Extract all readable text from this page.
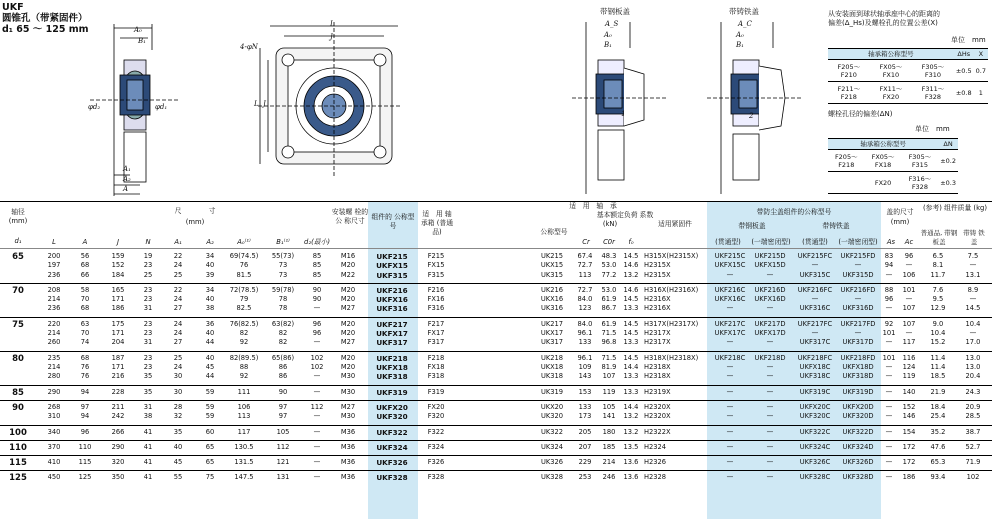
UKF
圆锥孔（带紧固件）
d₁ 65 ～ 125 mm	A₀
B₁
φd₂	φd₁
A₁
A₂
A
4-φN
L
J
L J
带钢板盖
A_S
A₀
B₁
1
带铸铁盖
A_C
A₀
B₁
2
从安装面到球状轴承座中心的距离的
偏差(Δ_Hs)及螺栓孔的位置公差(X)
单位　mm
轴承箱公称型号			ΔHs	X
F205～ F210	FX05～ FX10	F305～ F310	±0.5	0.7
F211～ F218	FX11～ FX20	F311～ F328	±0.8	1
螺栓孔径的偏差(ΔN)
单位　mm
轴承箱公称型号			ΔN
F205～ F218	FX05～ FX18	F305～ F315	±0.2
	FX20	F316～ F328	±0.3
轴径
(mm)
d₁
尺　　　　寸
(mm)
L	A	J	N	A₁	A₂	A₀⁽¹⁾	B₁⁽¹⁾	d₂(最小)
安装螺 栓的公 称尺寸	组件的 公称型号
适　用 轴承箱 (普通品)
适　用　轴　承
基本额定负荷 系数
(kN)
公称型号
Cr	C0r	f₀
适用紧固件
带防尘盖组件的公称型号
带钢板盖	带铸铁盖
(贯通型)	(一端密闭型)	(贯通型)	(一端密闭型)
盖的尺寸
(mm)
As	Ac
(参考) 组件质量 (kg)
普通品, 带钢板盖
带铸 铁盖
65	200	56	159	19	22	34	69(74.5)	55(73)	85	M16	UKF215	F215	UK215	67.4	48.3	14.5 H315X(H2315X)	UKF215C	UKF215D	UKF215FC	UKF215FD	83	96	6.5	7.5
197	68	152	23	24	40	76	73	85	M20	UKFX15	FX15	UKX15	72.7	53.0	14.6 H2315X	UKFX15C	UKFX15D	—	—	94	—	8.1	—
236	66	184	25	25	39	81.5	73	85	M22	UKF315	F315	UK315	113	77.2	13.2 H2315X	—	—	UKF315C	UKF315D	—	106	11.7	13.1
70	208	58	165	23	22	34	72(78.5)	59(78)	90	M20	UKF216	F216	UK216	72.7	53.0	14.6 H316X(H2316X)	UKF216C	UKF216D	UKF216FC	UKF216FD	88	101	7.6	8.9
214	70	171	23	24	40	79	78	90	M20	UKFX16	FX16	UKX16	84.0	61.9	14.5 H2316X	UKFX16C	UKFX16D	—	—	96	—	9.5	—
236	68	186	31	27	38	82.5	78	—	M27	UKF316	F316	UK316	123	86.7	13.3 H2316X	—	—	UKF316C	UKF316D	—	107	12.9	14.5
75	220	63	175	23	24	36	76(82.5)	63(82)	96	M20	UKF217	F217	UK217	84.0	61.9	14.5 H317X(H2317X)	UKF217C	UKF217D	UKF217FC	UKF217FD	92	107	9.0	10.4
214	70	171	23	24	40	82	82	96	M20	UKFX17	FX17	UKX17	96.1	71.5	14.5 H2317X	UKFX17C	UKFX17D	—	—	101	—	10.4	—
260	74	204	31	27	44	92	82	—	M27	UKF317	F317	UK317	133	96.8	13.3 H2317X	—	—	UKF317C	UKF317D	—	117	15.2	17.0
80	235	68	187	23	25	40	82(89.5)	65(86)	102	M20	UKF218	F218	UK218	96.1	71.5	14.5 H318X(H2318X)	UKF218C	UKF218D	UKF218FC	UKF218FD	101	116	11.4	13.0
214	76	171	23	24	45	88	86	102	M20	UKFX18	FX18	UKX18	109	81.9	14.4 H2318X	—	—	UKFX18C	UKFX18D	—	124	11.4	13.0
280	76	216	35	30	44	92	86	—	M30	UKF318	F318	UK318	143	107	13.3 H2318X	—	—	UKF318C	UKF318D	—	119	18.5	20.4
85	290	94	228	35	30	59	111	90	—	M30	UKF319	F319	UK319	153	119	13.3 H2319X	—	—	UKF319C	UKF319D	—	140	21.9	24.3
90	268	97	211	31	28	59	106	97	112	M27	UKFX20	FX20	UKX20	133	105	14.4 H2320X	—	—	UKFX20C	UKFX20D	—	152	18.4	20.9
310	94	242	38	32	59	113	97	—	M30	UKF320	F320	UK320	173	141	13.2 H2320X	—	—	UKF320C	UKF320D	—	146	25.4	28.5
100	340	96	266	41	35	60	117	105	—	M36	UKF322	F322	UK322	205	180	13.2 H2322X	—	—	UKF322C	UKF322D	—	154	35.2	38.7
110	370	110	290	41	40	65	130.5	112	—	M36	UKF324	F324	UK324	207	185	13.5 H2324	—	—	UKF324C	UKF324D	—	172	47.6	52.7
115	410	115	320	41	45	65	131.5	121	—	M36	UKF326	F326	UK326	229	214	13.6 H2326	—	—	UKF326C	UKF326D	—	172	65.3	71.9
125	450	125	350	41	55	75	147.5	131	—	M36	UKF328	F328	UK328	253	246	13.6 H2328	—	—	UKF328C	UKF328D	—	186	93.4	102
